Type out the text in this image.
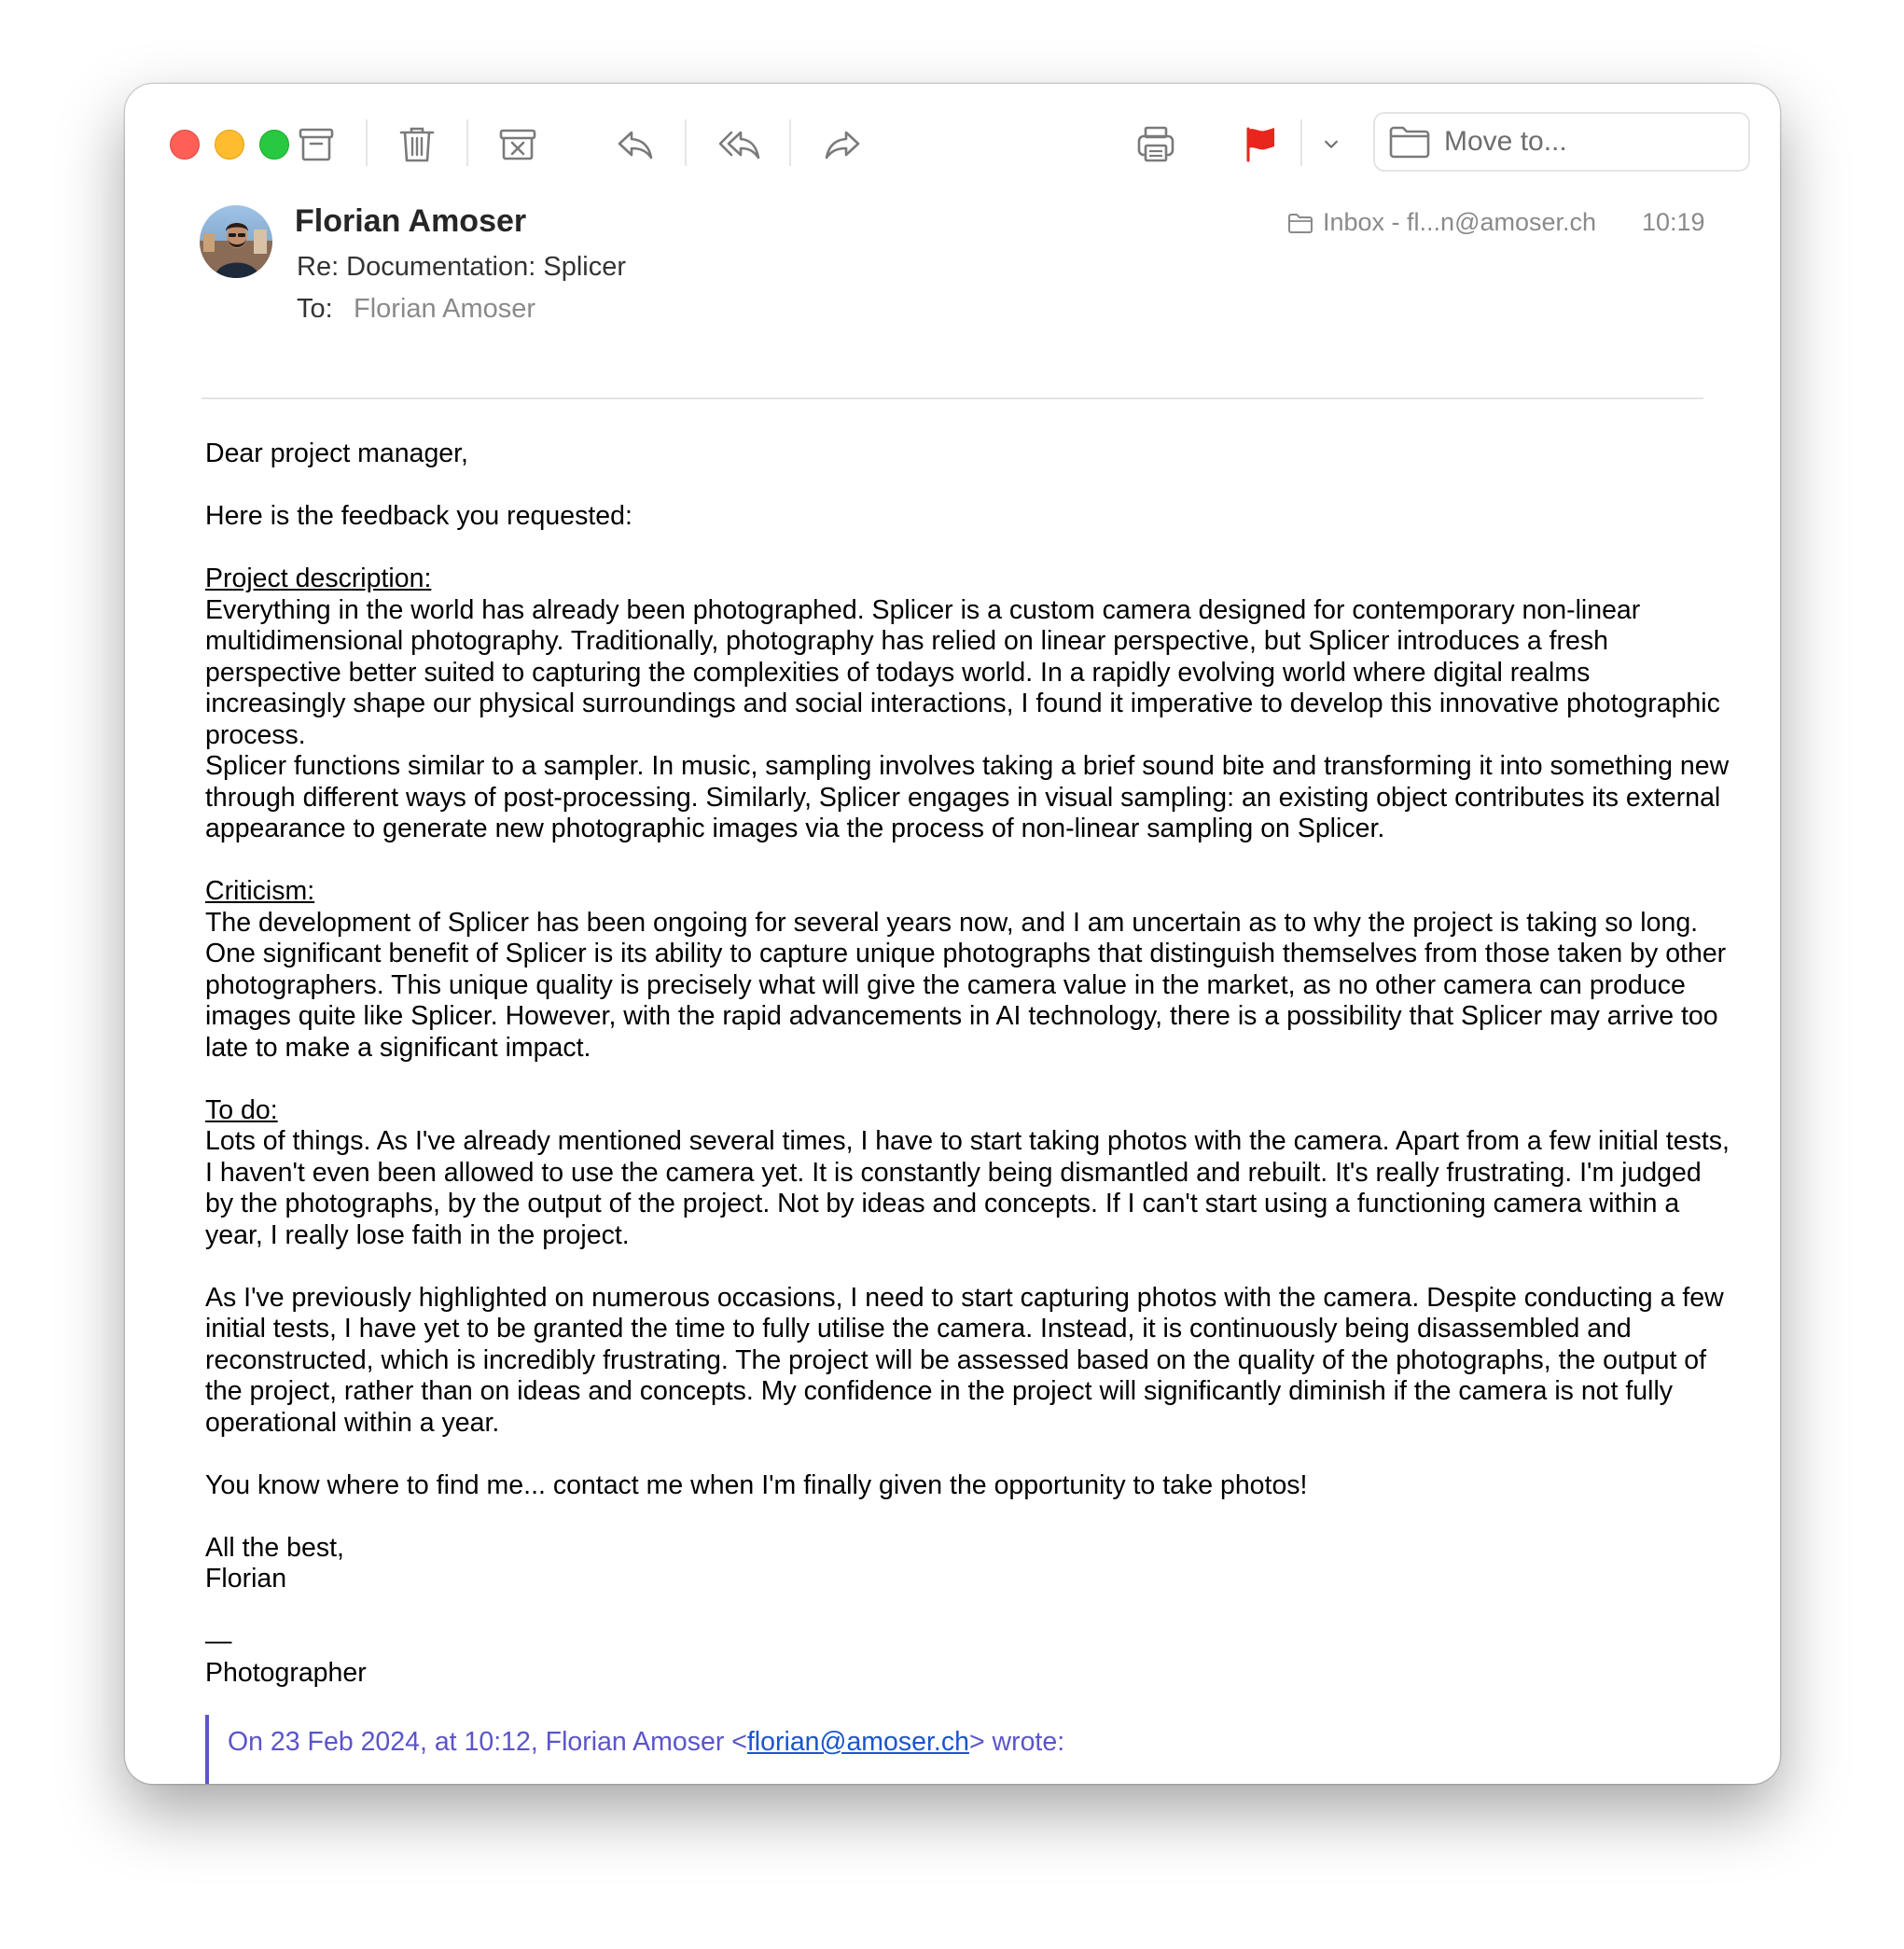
Move to...
Florian Amoser
Re: Documentation: Splicer
To: Florian Amoser
Inbox - fl...n@amoser.ch 10:19

Dear project manager,

Here is the feedback you requested:

Project description:

Everything in the world has already been photographed. Splicer is a custom camera designed for contemporary non-linear multidimensional photography. Traditionally, photography has relied on linear perspective, but Splicer introduces a fresh perspective better suited to capturing the complexities of todays world. In a rapidly evolving world where digital realms increasingly shape our physical surroundings and social interactions, I found it imperative to develop this innovative photographic process.

Splicer functions similar to a sampler. In music, sampling involves taking a brief sound bite and transforming it into something new through different ways of post-processing. Similarly, Splicer engages in visual sampling: an existing object contributes its external appearance to generate new photographic images via the process of non-linear sampling on Splicer.

Criticism:

The development of Splicer has been ongoing for several years now, and I am uncertain as to why the project is taking so long. One significant benefit of Splicer is its ability to capture unique photographs that distinguish themselves from those taken by other photographers. This unique quality is precisely what will give the camera value in the market, as no other camera can produce images quite like Splicer. However, with the rapid advancements in AI technology, there is a possibility that Splicer may arrive too late to make a significant impact.

To do:

Lots of things. As I've already mentioned several times, I have to start taking photos with the camera. Apart from a few initial tests, I haven't even been allowed to use the camera yet. It is constantly being dismantled and rebuilt. It's really frustrating. I'm judged by the photographs, by the output of the project. Not by ideas and concepts. If I can't start using a functioning camera within a year, I really lose faith in the project.

As I've previously highlighted on numerous occasions, I need to start capturing photos with the camera. Despite conducting a few initial tests, I have yet to be granted the time to fully utilise the camera. Instead, it is continuously being disassembled and reconstructed, which is incredibly frustrating. The project will be assessed based on the quality of the photographs, the output of the project, rather than on ideas and concepts. My confidence in the project will significantly diminish if the camera is not fully operational within a year.

You know where to find me... contact me when I'm finally given the opportunity to take photos!

All the best,

Florian

—

Photographer

On 23 Feb 2024, at 10:12, Florian Amoser <florian@amoser.ch> wrote:
